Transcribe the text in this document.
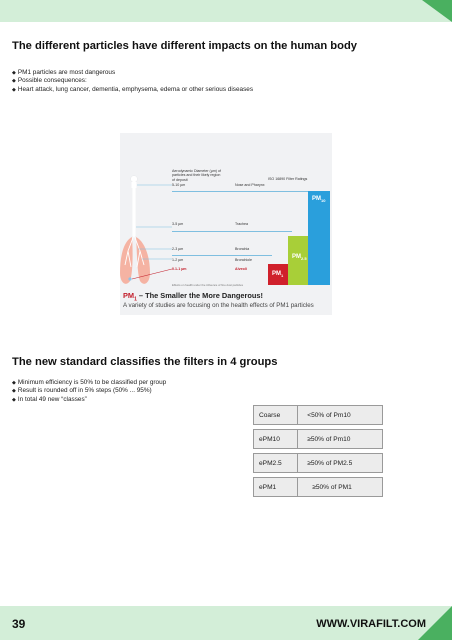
The different particles have different impacts on the human body
◆ PM1 particles are most dangerous
◆ Possible consequences:
◆ Heart attack, lung cancer, dementia, emphysema, edema or other serious diseases
Aerodynamic Diameter (µm) of
particles and their likely region
of deposit	ISO 16890 Filter Ratings
5-10 µm	Nose and Pharynx
3-5 µm	Trachea
2-3 µm	Bronchia
1-2 µm	Bronchiole
0.1-1 µm	Alveoli
$PM_1$
$PM_{2.5}$
$PM_{10}$
Effects on health under the influence of fine dust particles
$PM_1$ – The Smaller the More Dangerous!
A variety of studies are focusing on the health effects of PM1 particles
The new standard classifies the filters in 4 groups
◆ Minimum efficiency is 50% to be classified per group
◆ Result is rounded off in 5% steps (50% ... 95%)
◆ In total 49 new “classes”
Coarse	<50% of Pm10

ePM10	≥50% of Pm10

ePM2.5	≥50% of PM2.5

ePM1	≥50% of PM1
39	WWW.VIRAFILT.COM
